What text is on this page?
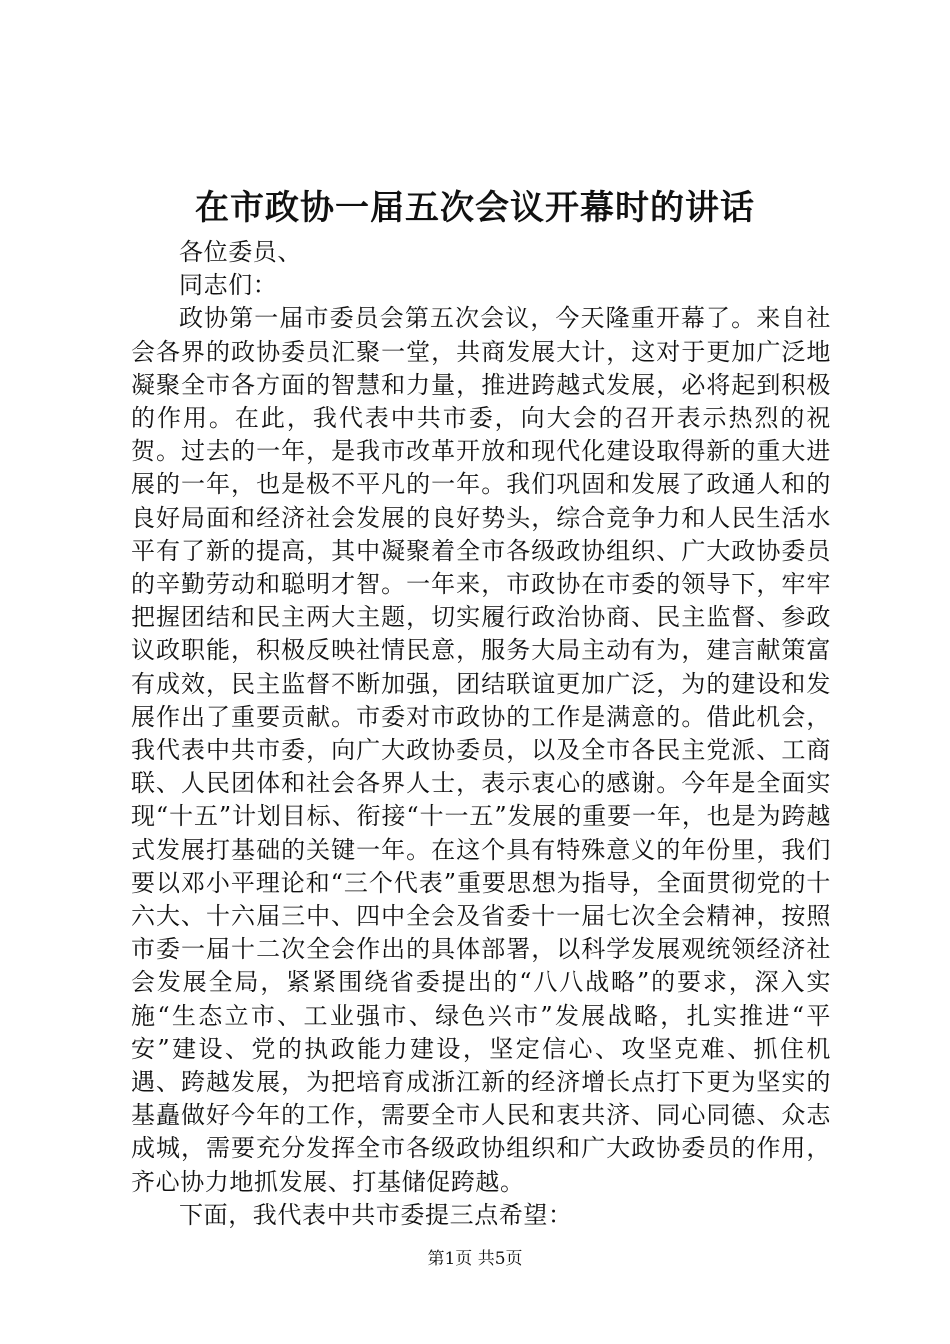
在市政协一届五次会议开幕时的讲话

各位委员、

同志们：

政协第一届市委员会第五次会议，今天隆重开幕了。来自社会各界的政协委员汇聚一堂，共商发展大计，这对于更加广泛地凝聚全市各方面的智慧和力量，推进跨越式发展，必将起到积极的作用。在此，我代表中共市委，向大会的召开表示热烈的祝贺。过去的一年，是我市改革开放和现代化建设取得新的重大进展的一年，也是极不平凡的一年。我们巩固和发展了政通人和的良好局面和经济社会发展的良好势头，综合竞争力和人民生活水平有了新的提高，其中凝聚着全市各级政协组织、广大政协委员的辛勤劳动和聪明才智。一年来，市政协在市委的领导下，牢牢把握团结和民主两大主题，切实履行政治协商、民主监督、参政议政职能，积极反映社情民意，服务大局主动有为，建言献策富有成效，民主监督不断加强，团结联谊更加广泛，为的建设和发展作出了重要贡献。市委对市政协的工作是满意的。借此机会，我代表中共市委，向广大政协委员，以及全市各民主党派、工商联、人民团体和社会各界人士，表示衷心的感谢。今年是全面实现“十五”计划目标、衔接“十一五”发展的重要一年，也是为跨越式发展打基础的关键一年。在这个具有特殊意义的年份里，我们要以邓小平理论和“三个代表”重要思想为指导，全面贯彻党的十六大、十六届三中、四中全会及省委十一届七次全会精神，按照市委一届十二次全会作出的具体部署，以科学发展观统领经济社会发展全局，紧紧围绕省委提出的“八八战略”的要求，深入实施“生态立市、工业强市、绿色兴市”发展战略，扎实推进“平安”建设、党的执政能力建设，坚定信心、攻坚克难、抓住机遇、跨越发展，为把培育成浙江新的经济增长点打下更为坚实的基矗做好今年的工作，需要全市人民和衷共济、同心同德、众志成城，需要充分发挥全市各级政协组织和广大政协委员的作用，齐心协力地抓发展、打基储促跨越。

下面，我代表中共市委提三点希望：

第1页 共5页
